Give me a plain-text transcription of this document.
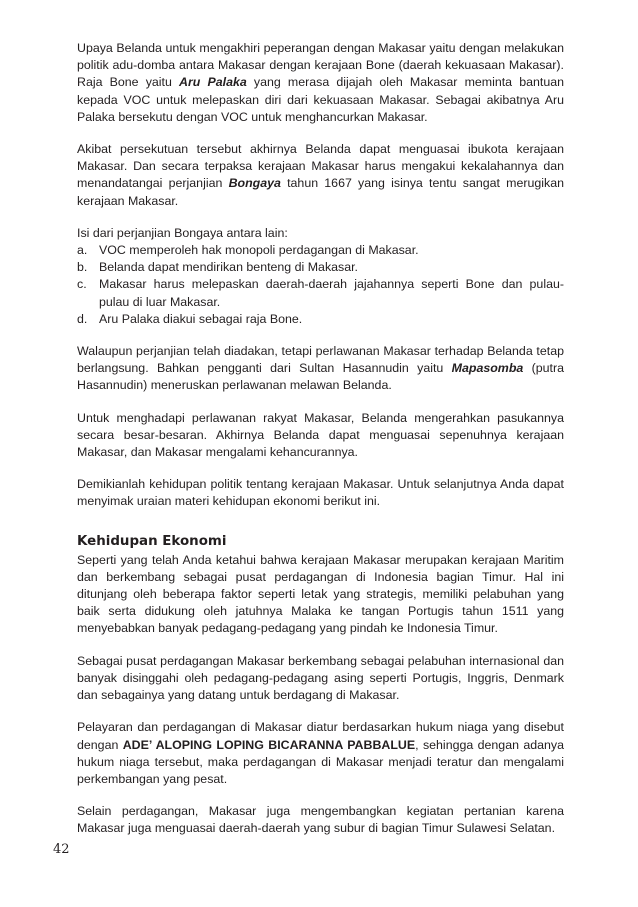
Upaya Belanda untuk mengakhiri peperangan dengan Makasar yaitu dengan melakukan politik adu-domba antara Makasar dengan kerajaan Bone (daerah kekuasaan Makasar). Raja Bone yaitu Aru Palaka yang merasa dijajah oleh Makasar meminta bantuan kepada VOC untuk melepaskan diri dari kekuasaan Makasar. Sebagai akibatnya Aru Palaka bersekutu dengan VOC untuk menghancurkan Makasar.

Akibat persekutuan tersebut akhirnya Belanda dapat menguasai ibukota kerajaan Makasar. Dan secara terpaksa kerajaan Makasar harus mengakui kekalahannya dan menandatangai perjanjian Bongaya tahun 1667 yang isinya tentu sangat merugikan kerajaan Makasar.

Isi dari perjanjian Bongaya antara lain:

a. VOC memperoleh hak monopoli perdagangan di Makasar.
b. Belanda dapat mendirikan benteng di Makasar.
c. Makasar harus melepaskan daerah-daerah jajahannya seperti Bone dan pulau-pulau di luar Makasar.
d. Aru Palaka diakui sebagai raja Bone.

Walaupun perjanjian telah diadakan, tetapi perlawanan Makasar terhadap Belanda tetap berlangsung. Bahkan pengganti dari Sultan Hasannudin yaitu Mapasomba (putra Hasannudin) meneruskan perlawanan melawan Belanda.

Untuk menghadapi perlawanan rakyat Makasar, Belanda mengerahkan pasukannya secara besar-besaran. Akhirnya Belanda dapat menguasai sepenuhnya kerajaan Makasar, dan Makasar mengalami kehancurannya.

Demikianlah kehidupan politik tentang kerajaan Makasar. Untuk selanjutnya Anda dapat menyimak uraian materi kehidupan ekonomi berikut ini.

Kehidupan Ekonomi

Seperti yang telah Anda ketahui bahwa kerajaan Makasar merupakan kerajaan Maritim dan berkembang sebagai pusat perdagangan di Indonesia bagian Timur. Hal ini ditunjang oleh beberapa faktor seperti letak yang strategis, memiliki pelabuhan yang baik serta didukung oleh jatuhnya Malaka ke tangan Portugis tahun 1511 yang menyebabkan banyak pedagang-pedagang yang pindah ke Indonesia Timur.

Sebagai pusat perdagangan Makasar berkembang sebagai pelabuhan internasional dan banyak disinggahi oleh pedagang-pedagang asing seperti Portugis, Inggris, Denmark dan sebagainya yang datang untuk berdagang di Makasar.

Pelayaran dan perdagangan di Makasar diatur berdasarkan hukum niaga yang disebut dengan ADE’ ALOPING LOPING BICARANNA PABBALUE, sehingga dengan adanya hukum niaga tersebut, maka perdagangan di Makasar menjadi teratur dan mengalami perkembangan yang pesat.

Selain perdagangan, Makasar juga mengembangkan kegiatan pertanian karena Makasar juga menguasai daerah-daerah yang subur di bagian Timur Sulawesi Selatan.

42
